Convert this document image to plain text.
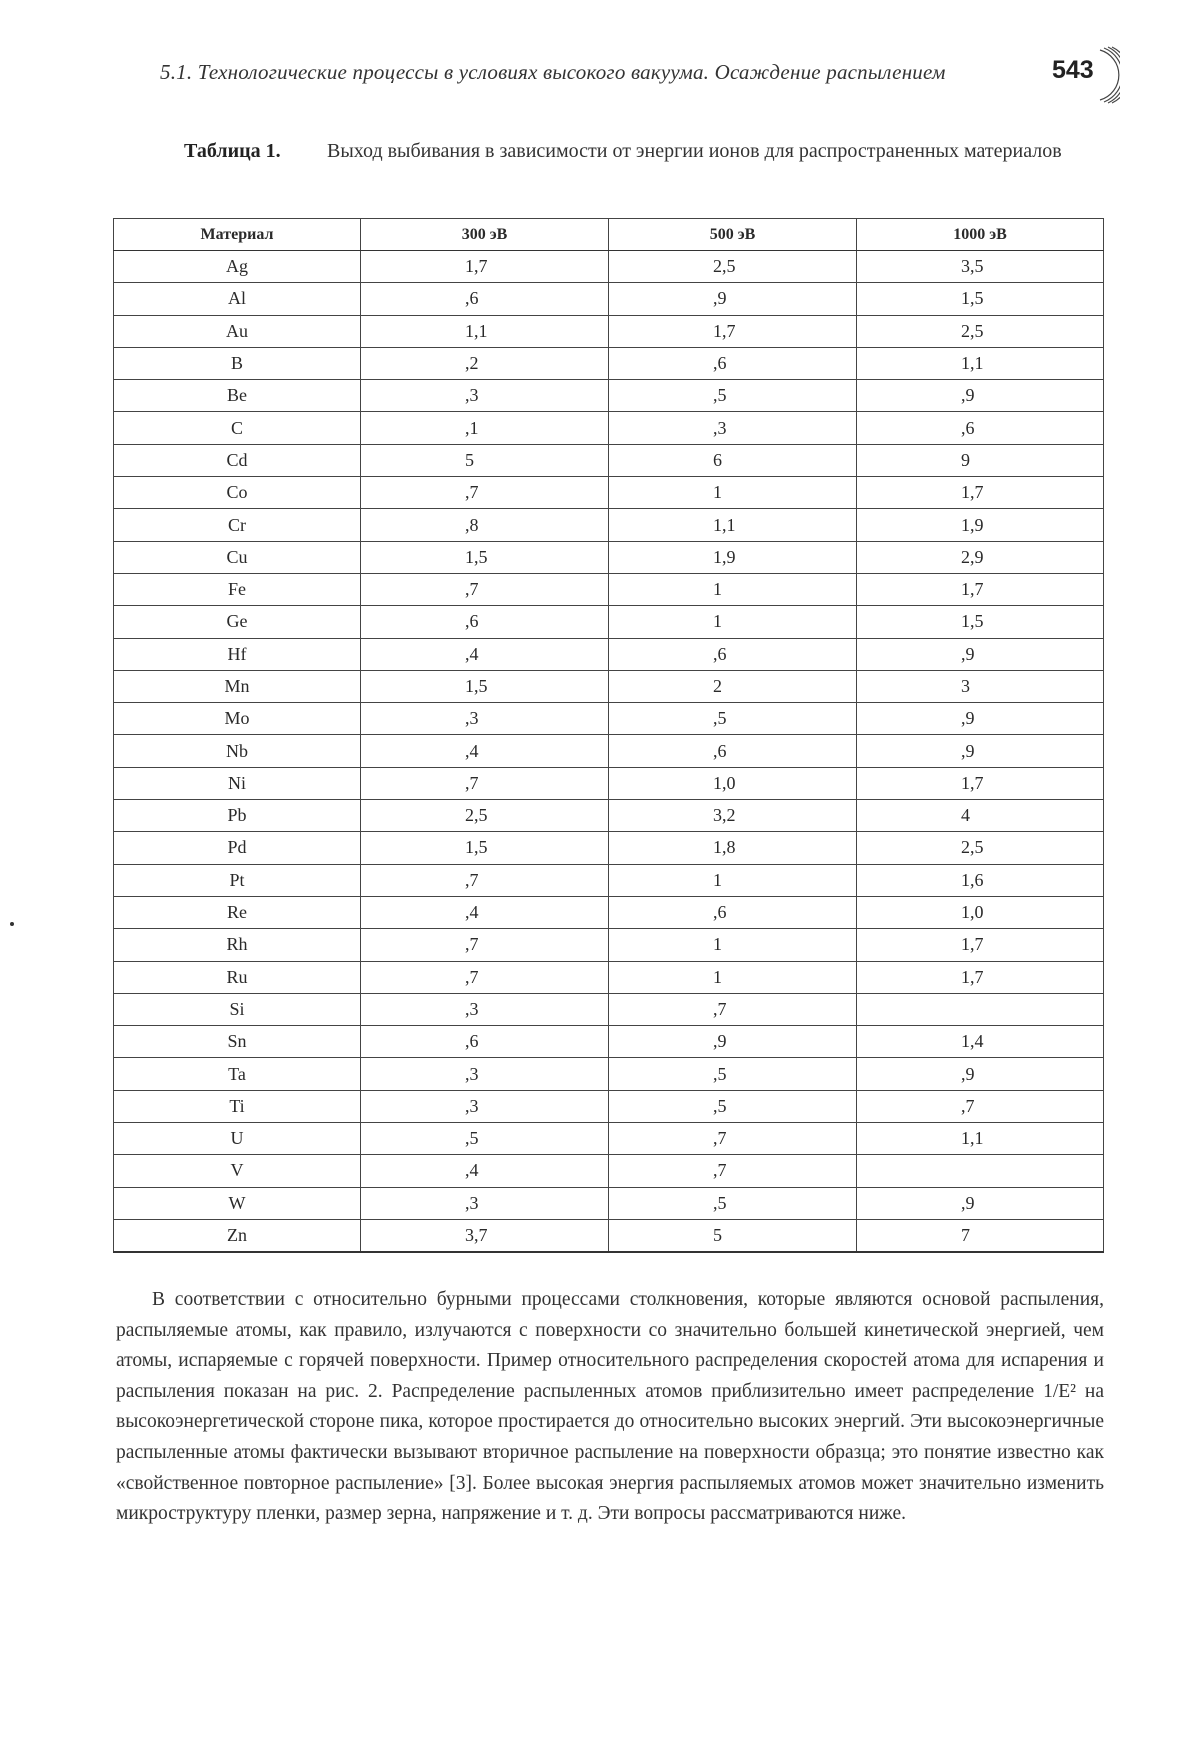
5.1. Технологические процессы в условиях высокого вакуума. Осаждение распылением	543
Таблица 1. Выход выбивания в зависимости от энергии ионов для распространенных материалов
Материал	300 эВ	500 эВ	1000 эВ
Ag	1,7	2,5	3,5
Al	,6	,9	1,5
Au	1,1	1,7	2,5
B	,2	,6	1,1
Be	,3	,5	,9
C	,1	,3	,6
Cd	5	6	9
Co	,7	1	1,7
Cr	,8	1,1	1,9
Cu	1,5	1,9	2,9
Fe	,7	1	1,7
Ge	,6	1	1,5
Hf	,4	,6	,9
Mn	1,5	2	3
Mo	,3	,5	,9
Nb	,4	,6	,9
Ni	,7	1,0	1,7
Pb	2,5	3,2	4
Pd	1,5	1,8	2,5
Pt	,7	1	1,6
Re	,4	,6	1,0
Rh	,7	1	1,7
Ru	,7	1	1,7
Si	,3	,7	
Sn	,6	,9	1,4
Ta	,3	,5	,9
Ti	,3	,5	,7
U	,5	,7	1,1
V	,4	,7	
W	,3	,5	,9
Zn	3,7	5	7
В соответствии с относительно бурными процессами столкновения, которые являются основой распыления, распыляемые атомы, как правило, излучаются с поверхности со значительно большей кинетической энергией, чем атомы, испаряемые с горячей поверхности. Пример относительного распределения скоростей атома для испарения и распыления показан на рис. 2. Распределение распыленных атомов приблизительно имеет распределение 1/E² на высокоэнергетической стороне пика, которое простирается до относительно высоких энергий. Эти высокоэнергичные распыленные атомы фактически вызывают вторичное распыление на поверхности образца; это понятие известно как «свойственное повторное распыление» [3]. Более высокая энергия распыляемых атомов может значительно изменить микроструктуру пленки, размер зерна, напряжение и т. д. Эти вопросы рассматриваются ниже.
